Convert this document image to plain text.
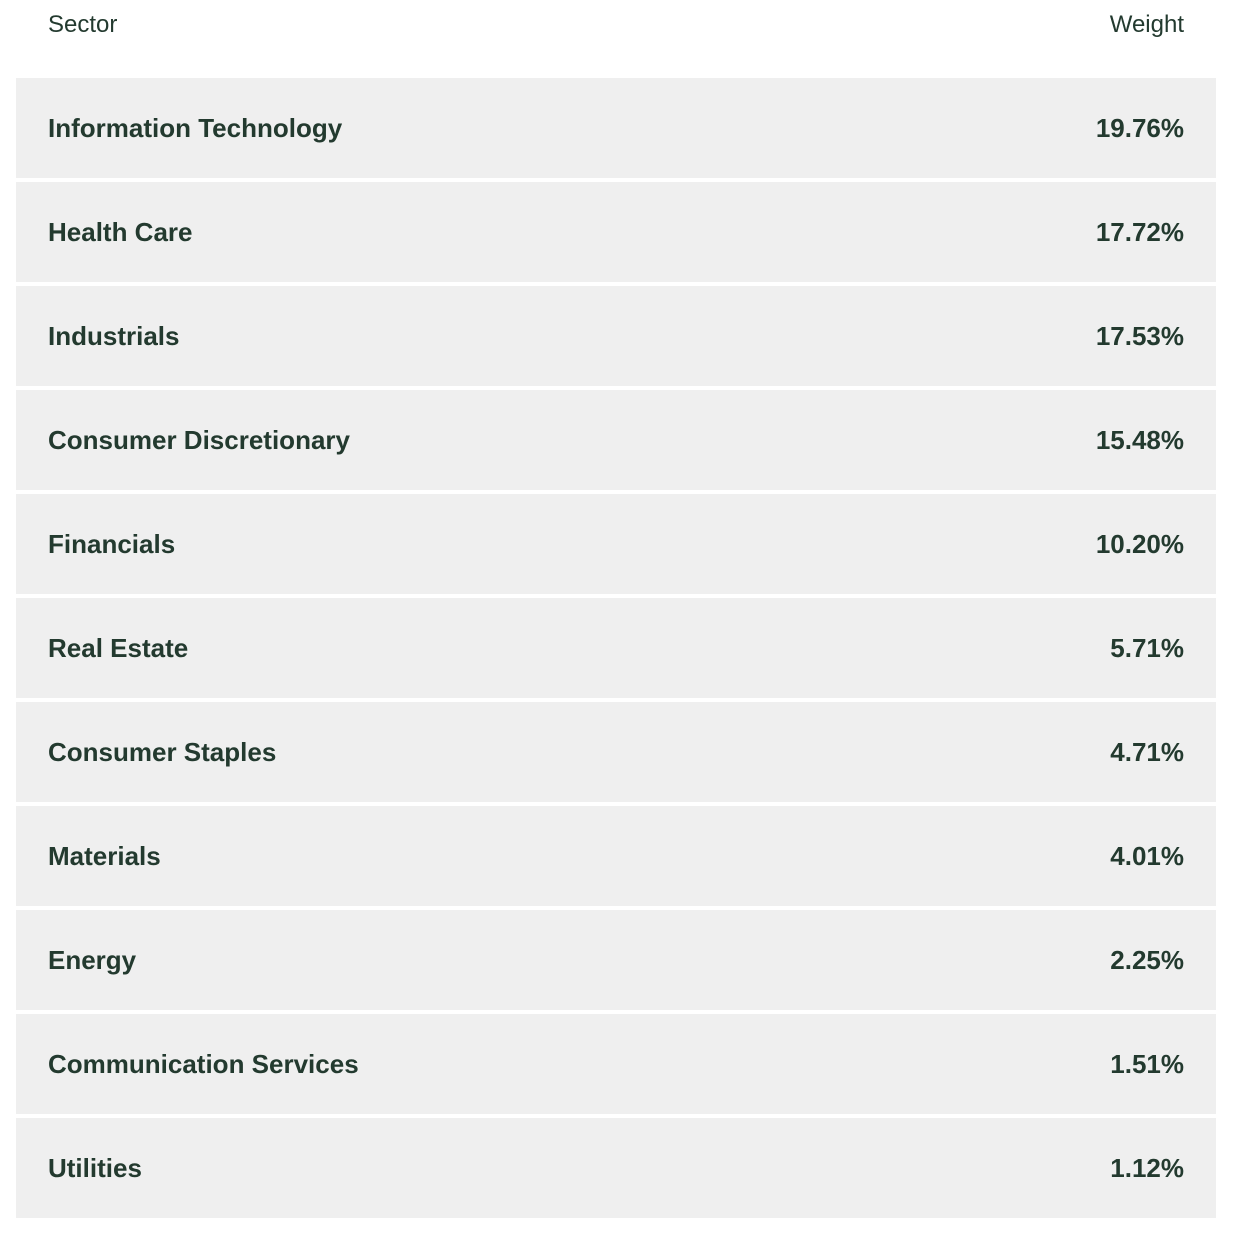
Sector	Weight
Information Technology	19.76%
Health Care	17.72%
Industrials	17.53%
Consumer Discretionary	15.48%
Financials	10.20%
Real Estate	5.71%
Consumer Staples	4.71%
Materials	4.01%
Energy	2.25%
Communication Services	1.51%
Utilities	1.12%
